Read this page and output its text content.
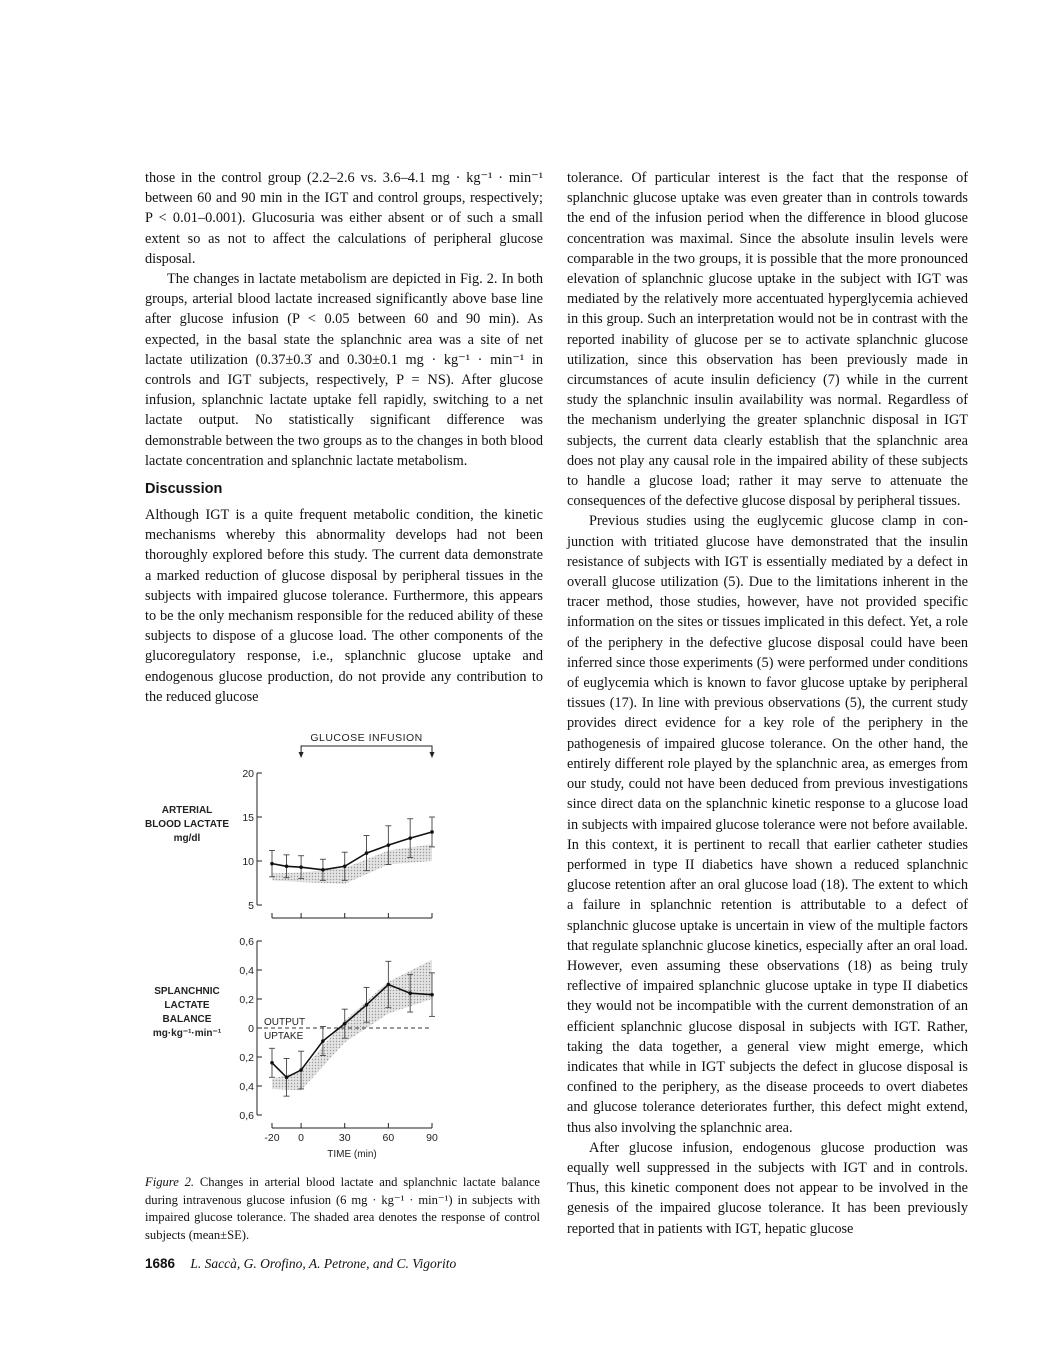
those in the control group (2.2–2.6 vs. 3.6–4.1 mg · kg⁻¹ · min⁻¹ between 60 and 90 min in the IGT and control groups, respectively; P < 0.01–0.001). Glucosuria was either absent or of such a small extent so as not to affect the calculations of peripheral glucose disposal.

The changes in lactate metabolism are depicted in Fig. 2. In both groups, arterial blood lactate increased significantly above base line after glucose infusion (P < 0.05 between 60 and 90 min). As expected, in the basal state the splanchnic area was a site of net lactate utilization (0.37±0.3̇ and 0.30±0.1 mg · kg⁻¹ · min⁻¹ in controls and IGT subjects, respectively, P = NS). After glucose infusion, splanchnic lactate uptake fell rapidly, switching to a net lactate output. No statistically significant difference was demonstrable between the two groups as to the changes in both blood lactate concentration and splanchnic lactate metabolism.

Discussion

Although IGT is a quite frequent metabolic condition, the kinetic mechanisms whereby this abnormality develops had not been thoroughly explored before this study. The current data demonstrate a marked reduction of glucose disposal by peripheral tissues in the subjects with impaired glucose tolerance. Furthermore, this appears to be the only mechanism responsible for the reduced ability of these subjects to dispose of a glucose load. The other components of the glucoregulatory response, i.e., splanchnic glucose uptake and endogenous glucose production, do not provide any contribution to the reduced glucose

tolerance. Of particular interest is the fact that the response of splanchnic glucose uptake was even greater than in controls towards the end of the infusion period when the difference in blood glucose concentration was maximal. Since the absolute insulin levels were comparable in the two groups, it is possible that the more pronounced elevation of splanchnic glucose uptake in the subject with IGT was mediated by the relatively more accentuated hyperglycemia achieved in this group. Such an interpretation would not be in contrast with the reported inability of glucose per se to activate splanchnic glucose utilization, since this observation has been previously made in circumstances of acute insulin deficiency (7) while in the current study the splanchnic insulin availability was normal. Regardless of the mechanism underlying the greater splanchnic disposal in IGT subjects, the current data clearly establish that the splanchnic area does not play any causal role in the impaired ability of these subjects to handle a glucose load; rather it may serve to attenuate the consequences of the defective glucose disposal by peripheral tissues.

Previous studies using the euglycemic glucose clamp in conjunction with tritiated glucose have demonstrated that the insulin resistance of subjects with IGT is essentially mediated by a defect in overall glucose utilization (5). Due to the limitations inherent in the tracer method, those studies, however, have not provided specific information on the sites or tissues implicated in this defect. Yet, a role of the periphery in the defective glucose disposal could have been inferred since those experiments (5) were performed under conditions of euglycemia which is known to favor glucose uptake by peripheral tissues (17). In line with previous observations (5), the current study provides direct evidence for a key role of the periphery in the pathogenesis of impaired glucose tolerance. On the other hand, the entirely different role played by the splanchnic area, as emerges from our study, could not have been deduced from previous investigations since direct data on the splanchnic kinetic response to a glucose load in subjects with impaired glucose tolerance were not before available. In this context, it is pertinent to recall that earlier catheter studies performed in type II diabetics have shown a reduced splanchnic glucose retention after an oral glucose load (18). The extent to which a failure in splanchnic retention is attributable to a defect of splanchnic glucose uptake is uncertain in view of the multiple factors that regulate splanchnic glucose kinetics, especially after an oral load. However, even assuming these observations (18) as being truly reflective of impaired splanchnic glucose uptake in type II diabetics they would not be incompatible with the current demonstration of an efficient splanchnic glucose disposal in subjects with IGT. Rather, taking the data together, a general view might emerge, which indicates that while in IGT subjects the defect in glucose disposal is confined to the periphery, as the disease proceeds to overt diabetes and glucose tolerance deteriorates further, this defect might extend, thus also involving the splanchnic area.

After glucose infusion, endogenous glucose production was equally well suppressed in the subjects with IGT and in controls. Thus, this kinetic component does not appear to be involved in the genesis of the impaired glucose tolerance. It has been previously reported that in patients with IGT, hepatic glucose

GLUCOSE INFUSION
5
10
15
20
ARTERIAL
BLOOD LACTATE
mg/dl
0,6
0,4
0,2
0
0,2
0,4
0,6
SPLANCHNIC
LACTATE
BALANCE
mg·kg⁻¹·min⁻¹
OUTPUT
UPTAKE
-20 0	30	60	90
TIME (min)
Figure 2. Changes in arterial blood lactate and splanchnic lactate balance during intravenous glucose infusion (6 mg · kg⁻¹ · min⁻¹) in subjects with impaired glucose tolerance. The shaded area denotes the response of control subjects (mean±SE).
1686 L. Saccà, G. Orofino, A. Petrone, and C. Vigorito
